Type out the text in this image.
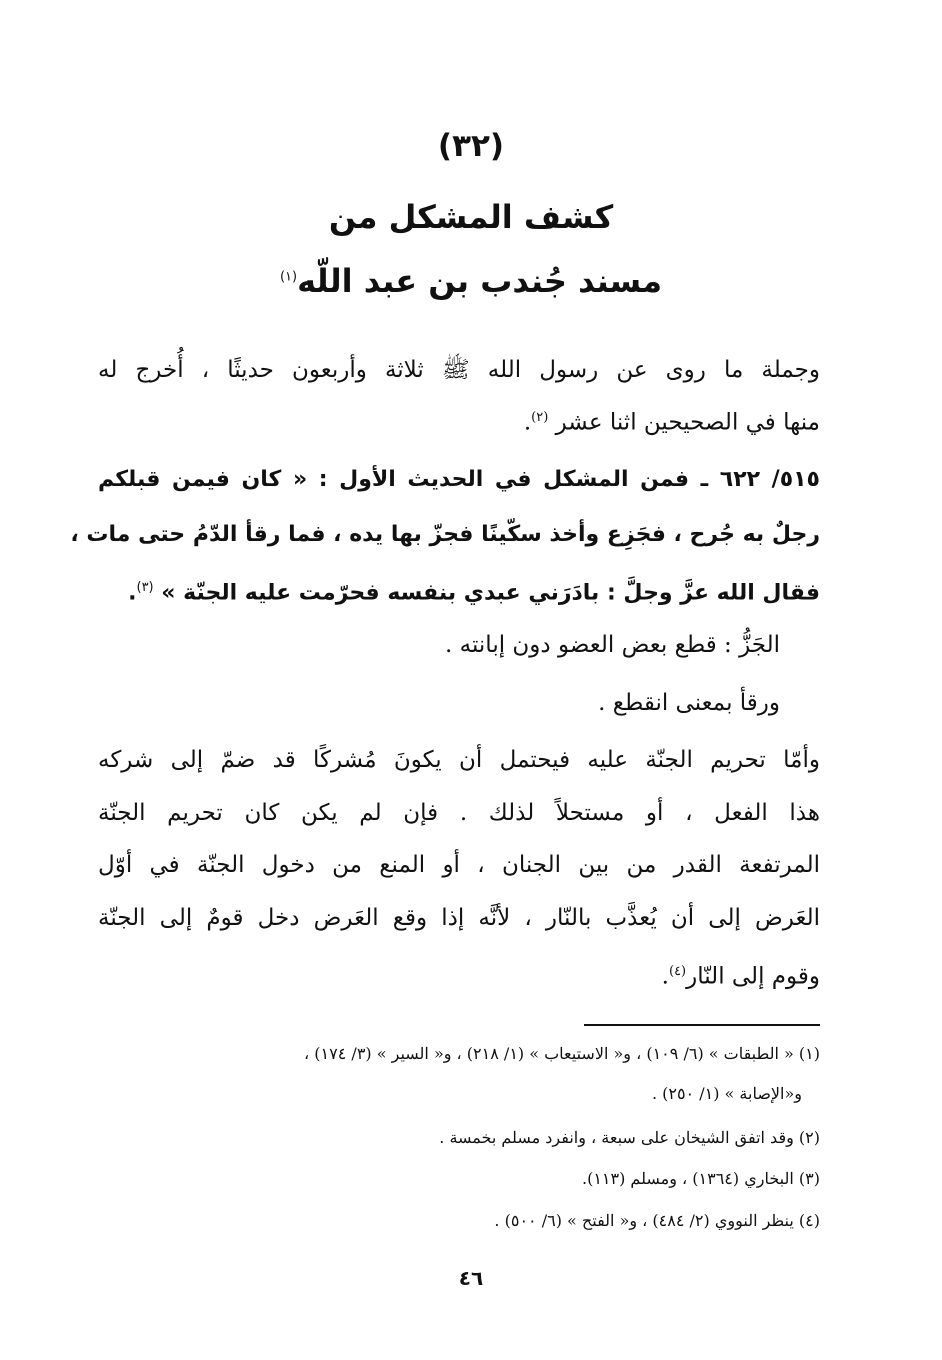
(٣٢)
كشف المشكل من
مسند جُندب بن عبد اللّه$^{(١)}$
وجملة ما روى عن رسول الله ﷺ ثلاثة وأربعون حديثًا ، أُخرج له
منها في الصحيحين اثنا عشر $^{(٢)}$.
٥١٥/ ٦٢٢ ـ فمن المشكل في الحديث الأول : « كان فيمن قبلكم
رجلٌ به جُرح ، فجَزِع وأخذ سكّينًا فجزّ بها يده ، فما رقأ الدّمُ حتى مات ،
فقال الله عزَّ وجلَّ : بادَرَني عبدي بنفسه فحرّمت عليه الجنّة » $^{(٣)}$.
الجَزُّ : قطع بعض العضو دون إبانته .
ورقأ بمعنى انقطع .
وأمّا تحريم الجنّة عليه فيحتمل أن يكونَ مُشركًا قد ضمّ إلى شركه
هذا الفعل ، أو مستحلاً لذلك . فإن لم يكن كان تحريم الجنّة
المرتفعة القدر من بين الجنان ، أو المنع من دخول الجنّة في أوّل
العَرض إلى أن يُعذَّب بالنّار ، لأنَّه إذا وقع العَرض دخل قومٌ إلى الجنّة
وقوم إلى النّار$^{(٤)}$.
(١) « الطبقات » (٦/ ١٠٩) ، و« الاستيعاب » (١/ ٢١٨) ، و« السير » (٣/ ١٧٤) ،
و«الإصابة » (١/ ٢٥٠) .
(٢) وقد اتفق الشيخان على سبعة ، وانفرد مسلم بخمسة .
(٣) البخاري (١٣٦٤) ، ومسلم (١١٣).
(٤) ينظر النووي (٢/ ٤٨٤) ، و« الفتح » (٦/ ٥٠٠) .
٤٦
